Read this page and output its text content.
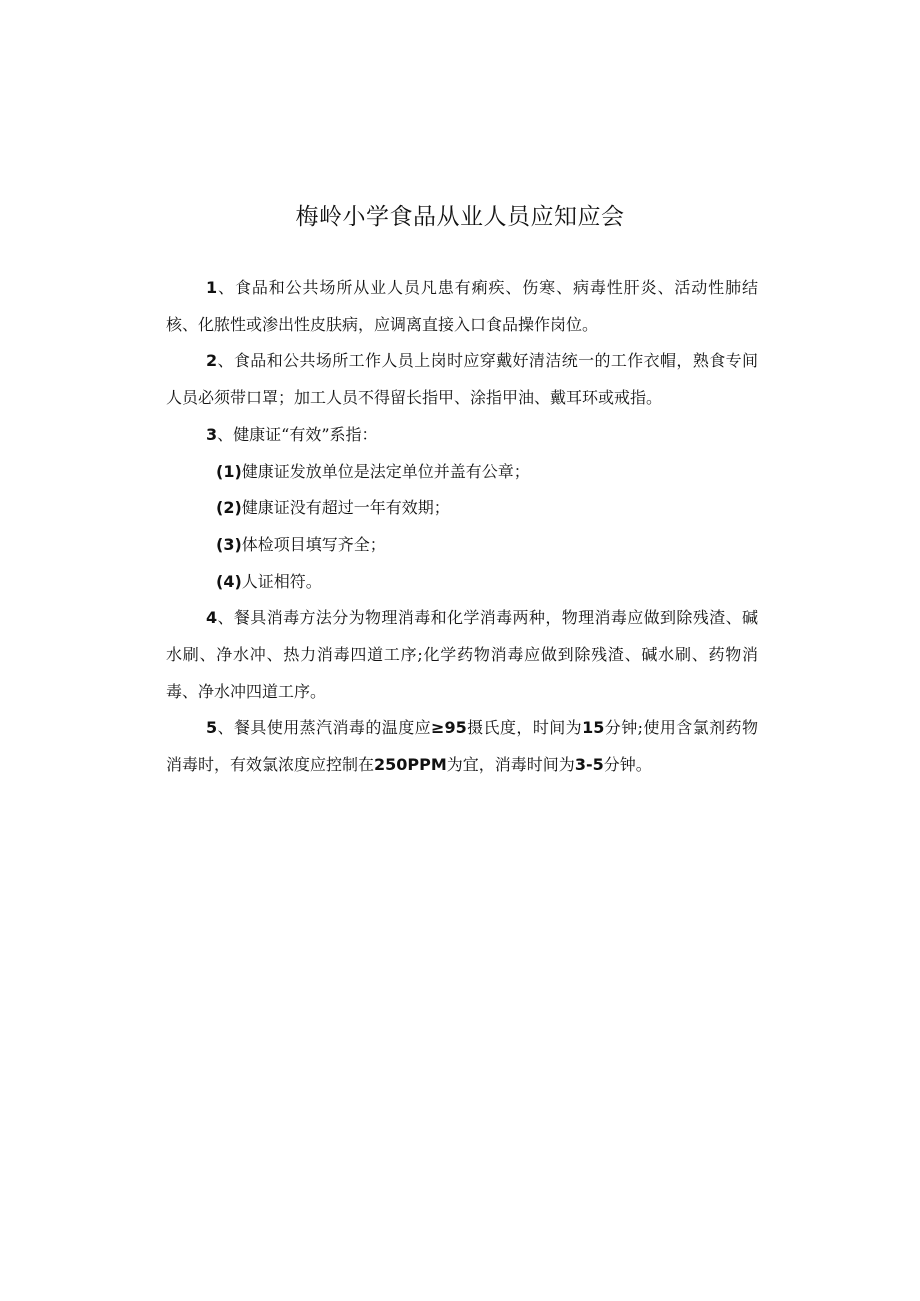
梅岭小学食品从业人员应知应会

1、食品和公共场所从业人员凡患有痢疾、伤寒、病毒性肝炎、活动性肺结核、化脓性或渗出性皮肤病，应调离直接入口食品操作岗位。

2、食品和公共场所工作人员上岗时应穿戴好清洁统一的工作衣帽，熟食专间人员必须带口罩；加工人员不得留长指甲、涂指甲油、戴耳环或戒指。

3、健康证“有效”系指：

(1)健康证发放单位是法定单位并盖有公章；

(2)健康证没有超过一年有效期；

(3)体检项目填写齐全；

(4)人证相符。

4、餐具消毒方法分为物理消毒和化学消毒两种，物理消毒应做到除残渣、碱水刷、净水冲、热力消毒四道工序;化学药物消毒应做到除残渣、碱水刷、药物消毒、净水冲四道工序。

5、餐具使用蒸汽消毒的温度应≥95摄氏度，时间为15分钟;使用含氯剂药物消毒时，有效氯浓度应控制在250PPM为宜，消毒时间为3-5分钟。
